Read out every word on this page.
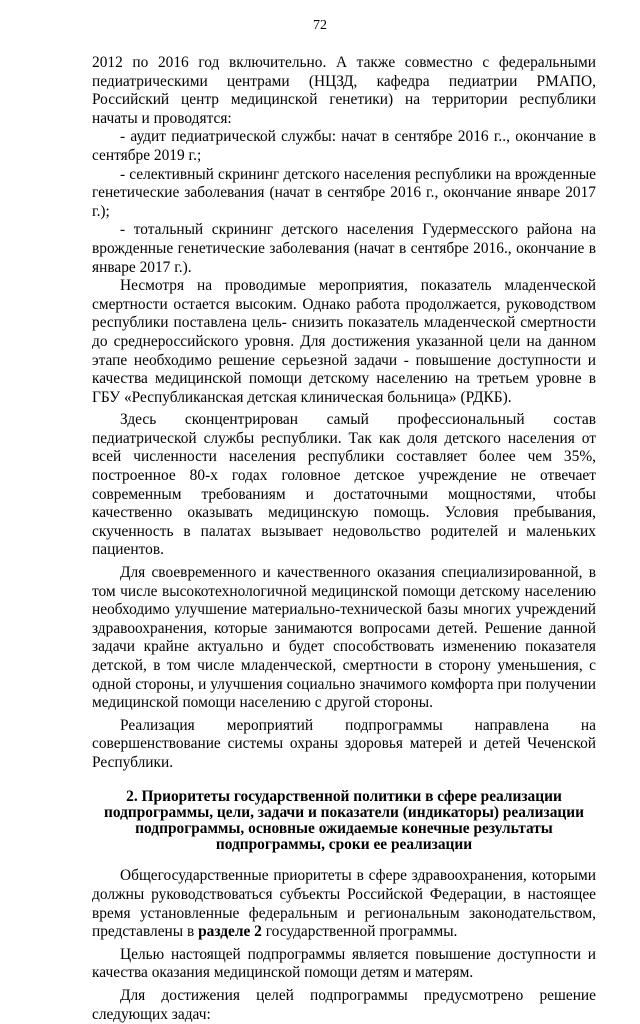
72

2012 по 2016 год включительно. А также совместно с федеральными педиатрическими центрами (НЦЗД, кафедра педиатрии РМАПО, Российский центр медицинской генетики) на территории республики начаты и проводятся:

- аудит педиатрической службы: начат в сентябре 2016 г.., окончание в сентябре 2019 г.;

- селективный скрининг детского населения республики на врожденные генетические заболевания (начат в сентябре 2016 г., окончание январе 2017 г.);

- тотальный скрининг детского населения Гудермесского района на врожденные генетические заболевания (начат в сентябре 2016., окончание в январе 2017 г.).

Несмотря на проводимые мероприятия, показатель младенческой смертности остается высоким. Однако работа продолжается, руководством республики поставлена цель- снизить показатель младенческой смертности до среднероссийского уровня. Для достижения указанной цели на данном этапе необходимо решение серьезной задачи - повышение доступности и качества медицинской помощи детскому населению на третьем уровне в ГБУ «Республиканская детская клиническая больница» (РДКБ).

Здесь сконцентрирован самый профессиональный состав педиатрической службы республики. Так как доля детского населения от всей численности населения республики составляет более чем 35%, построенное 80-х годах головное детское учреждение не отвечает современным требованиям и достаточными мощностями, чтобы качественно оказывать медицинскую помощь. Условия пребывания, скученность в палатах вызывает недовольство родителей и маленьких пациентов.

Для своевременного и качественного оказания специализированной, в том числе высокотехнологичной медицинской помощи детскому населению необходимо улучшение материально-технической базы многих учреждений здравоохранения, которые занимаются вопросами детей. Решение данной задачи крайне актуально и будет способствовать изменению показателя детской, в том числе младенческой, смертности в сторону уменьшения, с одной стороны, и улучшения социально значимого комфорта при получении медицинской помощи населению с другой стороны.

Реализация мероприятий подпрограммы направлена на совершенствование системы охраны здоровья матерей и детей Чеченской Республики.

2. Приоритеты государственной политики в сфере реализации
подпрограммы, цели, задачи и показатели (индикаторы) реализации
подпрограммы, основные ожидаемые конечные результаты
подпрограммы, сроки ее реализации

Общегосударственные приоритеты в сфере здравоохранения, которыми должны руководствоваться субъекты Российской Федерации, в настоящее время установленные федеральным и региональным законодательством, представлены в разделе 2 государственной программы.

Целью настоящей подпрограммы является повышение доступности и качества оказания медицинской помощи детям и матерям.

Для достижения целей подпрограммы предусмотрено решение следующих задач:
